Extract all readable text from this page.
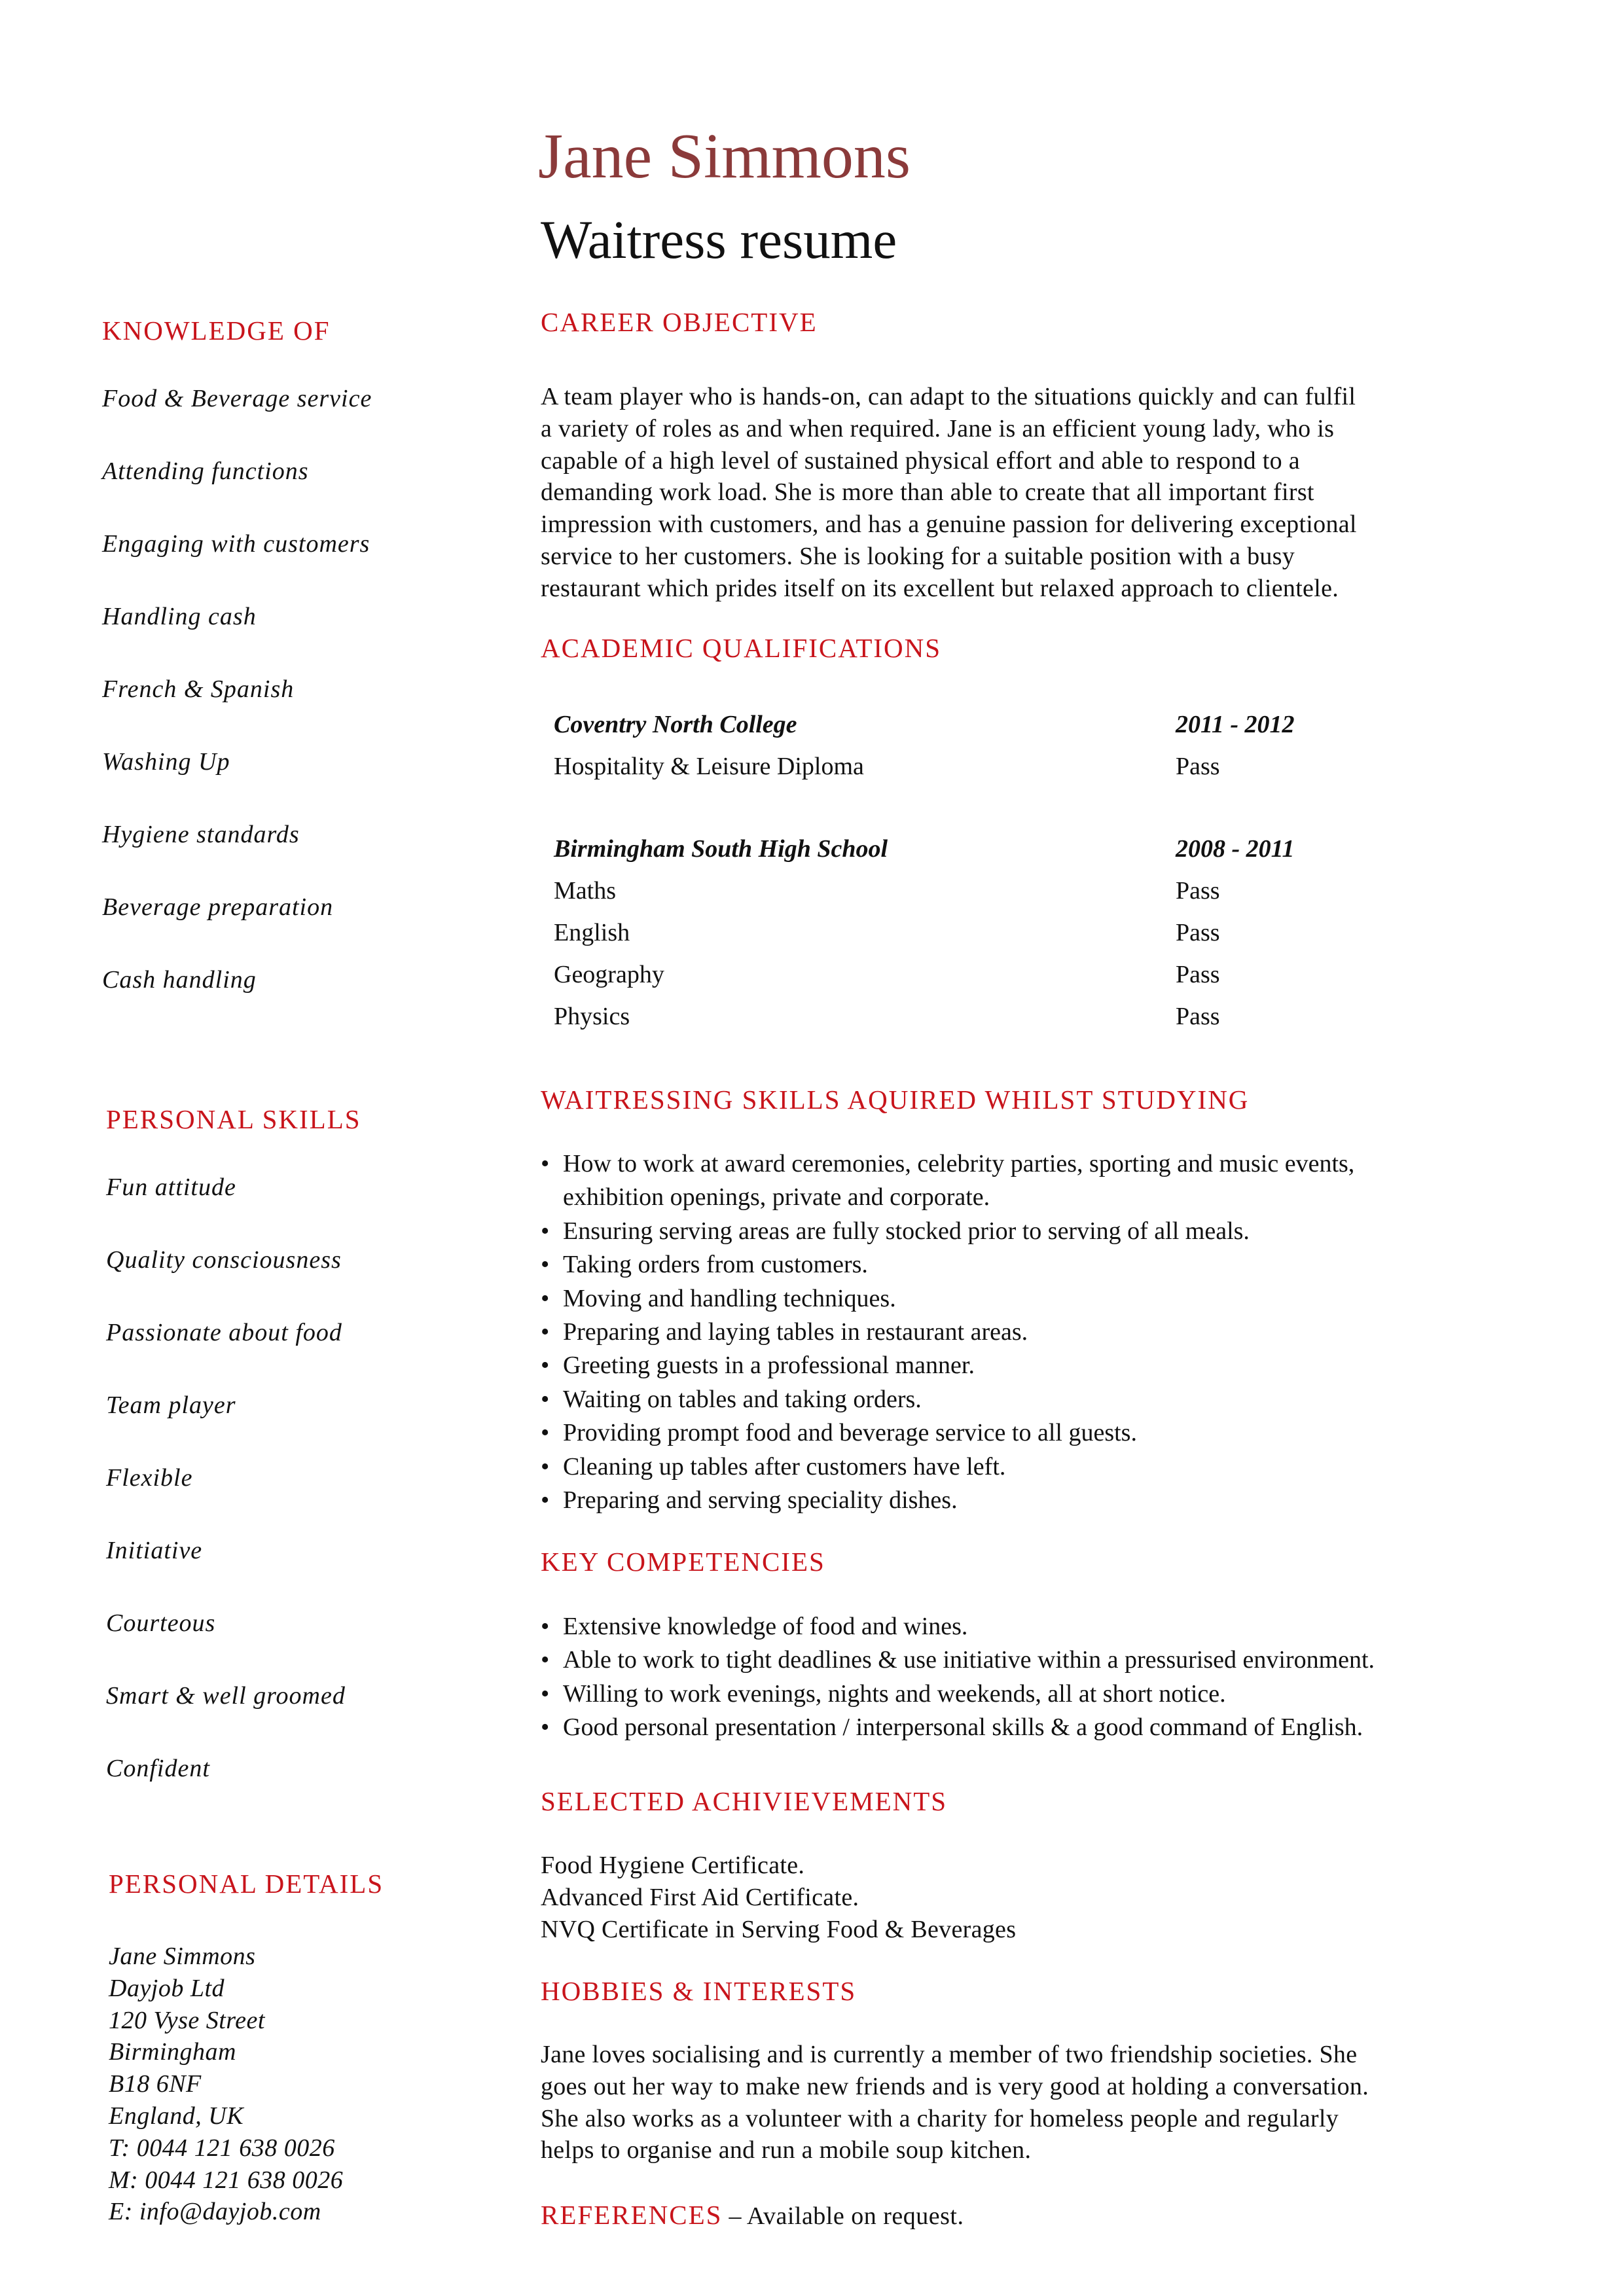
Jane Simmons
Waitress resume
KNOWLEDGE OF
Food & Beverage service
Attending functions
Engaging with customers
Handling cash
French & Spanish
Washing Up
Hygiene standards
Beverage preparation
Cash handling
PERSONAL SKILLS
Fun attitude
Quality consciousness
Passionate about food
Team player
Flexible
Initiative
Courteous
Smart & well groomed
Confident
PERSONAL DETAILS
Jane Simmons
Dayjob Ltd
120 Vyse Street
Birmingham
B18 6NF
England, UK
T: 0044 121 638 0026
M: 0044 121 638 0026
E: info@dayjob.com
CAREER OBJECTIVE
A team player who is hands-on, can adapt to the situations quickly and can fulfil
a variety of roles as and when required. Jane is an efficient young lady, who is
capable of a high level of sustained physical effort and able to respond to a
demanding work load. She is more than able to create that all important first
impression with customers, and has a genuine passion for delivering exceptional
service to her customers. She is looking for a suitable position with a busy
restaurant which prides itself on its excellent but relaxed approach to clientele.
ACADEMIC QUALIFICATIONS
Coventry North College	2011 - 2012
Hospitality & Leisure Diploma	Pass
Birmingham South High School	2008 - 2011
Maths	Pass
English	Pass
Geography	Pass
Physics	Pass
WAITRESSING SKILLS AQUIRED WHILST STUDYING
• How to work at award ceremonies, celebrity parties, sporting and music events, exhibition openings, private and corporate.
• Ensuring serving areas are fully stocked prior to serving of all meals.
• Taking orders from customers.
• Moving and handling techniques.
• Preparing and laying tables in restaurant areas.
• Greeting guests in a professional manner.
• Waiting on tables and taking orders.
• Providing prompt food and beverage service to all guests.
• Cleaning up tables after customers have left.
• Preparing and serving speciality dishes.
KEY COMPETENCIES
• Extensive knowledge of food and wines.
• Able to work to tight deadlines & use initiative within a pressurised environment.
• Willing to work evenings, nights and weekends, all at short notice.
• Good personal presentation / interpersonal skills & a good command of English.
SELECTED ACHIVIEVEMENTS
Food Hygiene Certificate.
Advanced First Aid Certificate.
NVQ Certificate in Serving Food & Beverages
HOBBIES & INTERESTS
Jane loves socialising and is currently a member of two friendship societies. She
goes out her way to make new friends and is very good at holding a conversation.
She also works as a volunteer with a charity for homeless people and regularly
helps to organise and run a mobile soup kitchen.
REFERENCES – Available on request.
